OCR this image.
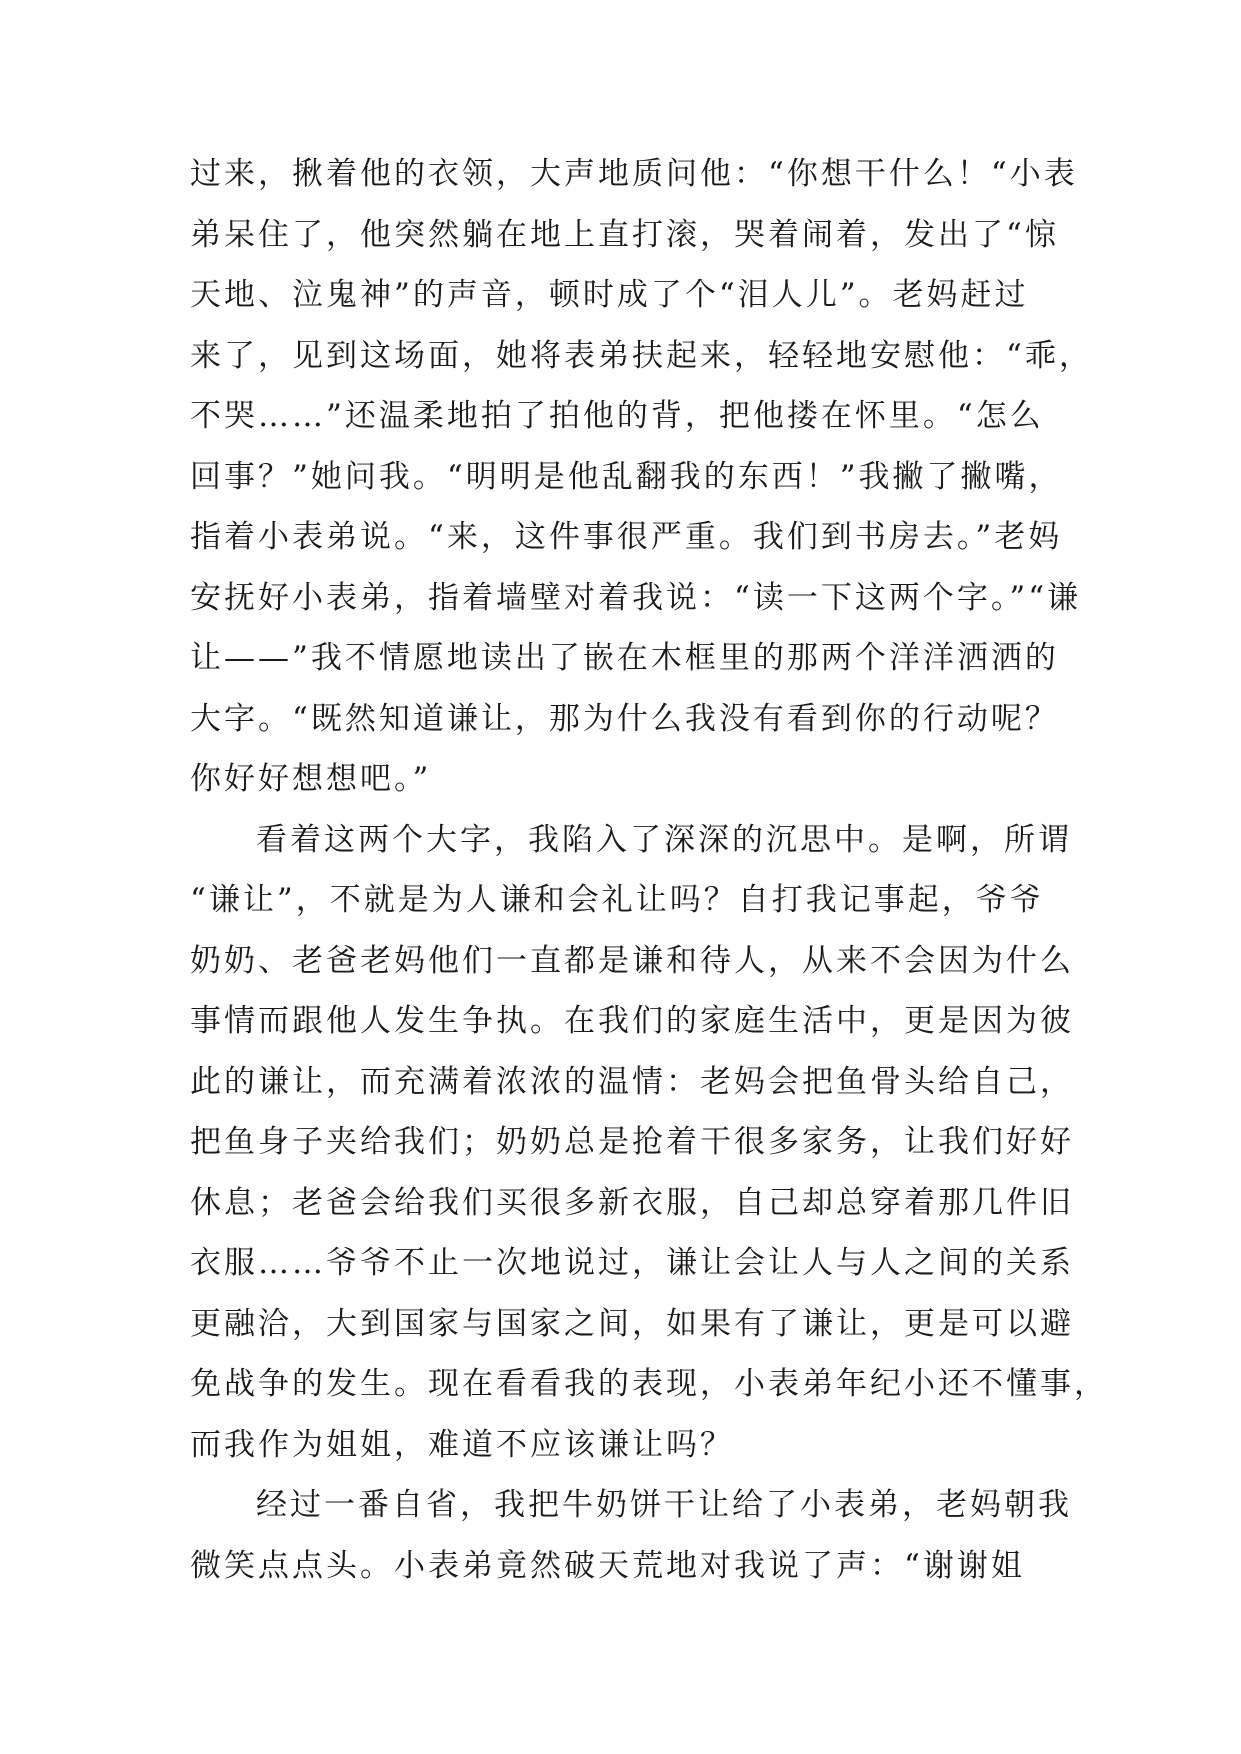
过来，揪着他的衣领，大声地质问他：“你想干什么！“小表
弟呆住了，他突然躺在地上直打滚，哭着闹着，发出了“惊
天地、泣鬼神”的声音，顿时成了个“泪人儿”。老妈赶过
来了，见到这场面，她将表弟扶起来，轻轻地安慰他：“乖，
不哭……”还温柔地拍了拍他的背，把他搂在怀里。“怎么
回事？”她问我。“明明是他乱翻我的东西！”我撇了撇嘴，
指着小表弟说。“来，这件事很严重。我们到书房去。”老妈
安抚好小表弟，指着墙壁对着我说：“读一下这两个字。”“谦
让——”我不情愿地读出了嵌在木框里的那两个洋洋洒洒的
大字。“既然知道谦让，那为什么我没有看到你的行动呢？
你好好想想吧。”
看着这两个大字，我陷入了深深的沉思中。是啊，所谓
“谦让”，不就是为人谦和会礼让吗？自打我记事起，爷爷
奶奶、老爸老妈他们一直都是谦和待人，从来不会因为什么
事情而跟他人发生争执。在我们的家庭生活中，更是因为彼
此的谦让，而充满着浓浓的温情：老妈会把鱼骨头给自己，
把鱼身子夹给我们；奶奶总是抢着干很多家务，让我们好好
休息；老爸会给我们买很多新衣服，自己却总穿着那几件旧
衣服……爷爷不止一次地说过，谦让会让人与人之间的关系
更融洽，大到国家与国家之间，如果有了谦让，更是可以避
免战争的发生。现在看看我的表现，小表弟年纪小还不懂事，
而我作为姐姐，难道不应该谦让吗？
经过一番自省，我把牛奶饼干让给了小表弟，老妈朝我
微笑点点头。小表弟竟然破天荒地对我说了声：“谢谢姐
